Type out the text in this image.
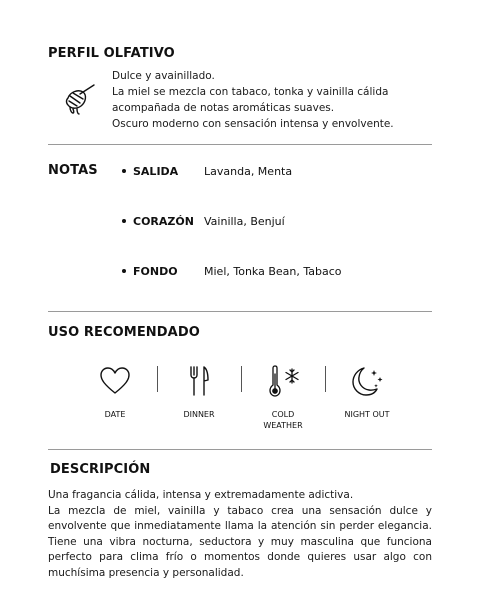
PERFIL OLFATIVO
Dulce y avainillado.
La miel se mezcla con tabaco, tonka y vainilla cálida
acompañada de notas aromáticas suaves.
Oscuro moderno con sensación intensa y envolvente.
NOTAS	SALIDA Lavanda, Menta
CORAZÓN Vainilla, Benjuí
FONDO Miel, Tonka Bean, Tabaco
USO RECOMENDADO
DATE	DINNER	COLD
WEATHER
NIGHT OUT
DESCRIPCIÓN

Una fragancia cálida, intensa y extremadamente adictiva.

La mezcla de miel, vainilla y tabaco crea una sensación dulce y envolvente que inmediatamente llama la atención sin perder elegancia. Tiene una vibra nocturna, seductora y muy masculina que funciona perfecto para clima frío o momentos donde quieres usar algo con muchísima presencia y personalidad.
